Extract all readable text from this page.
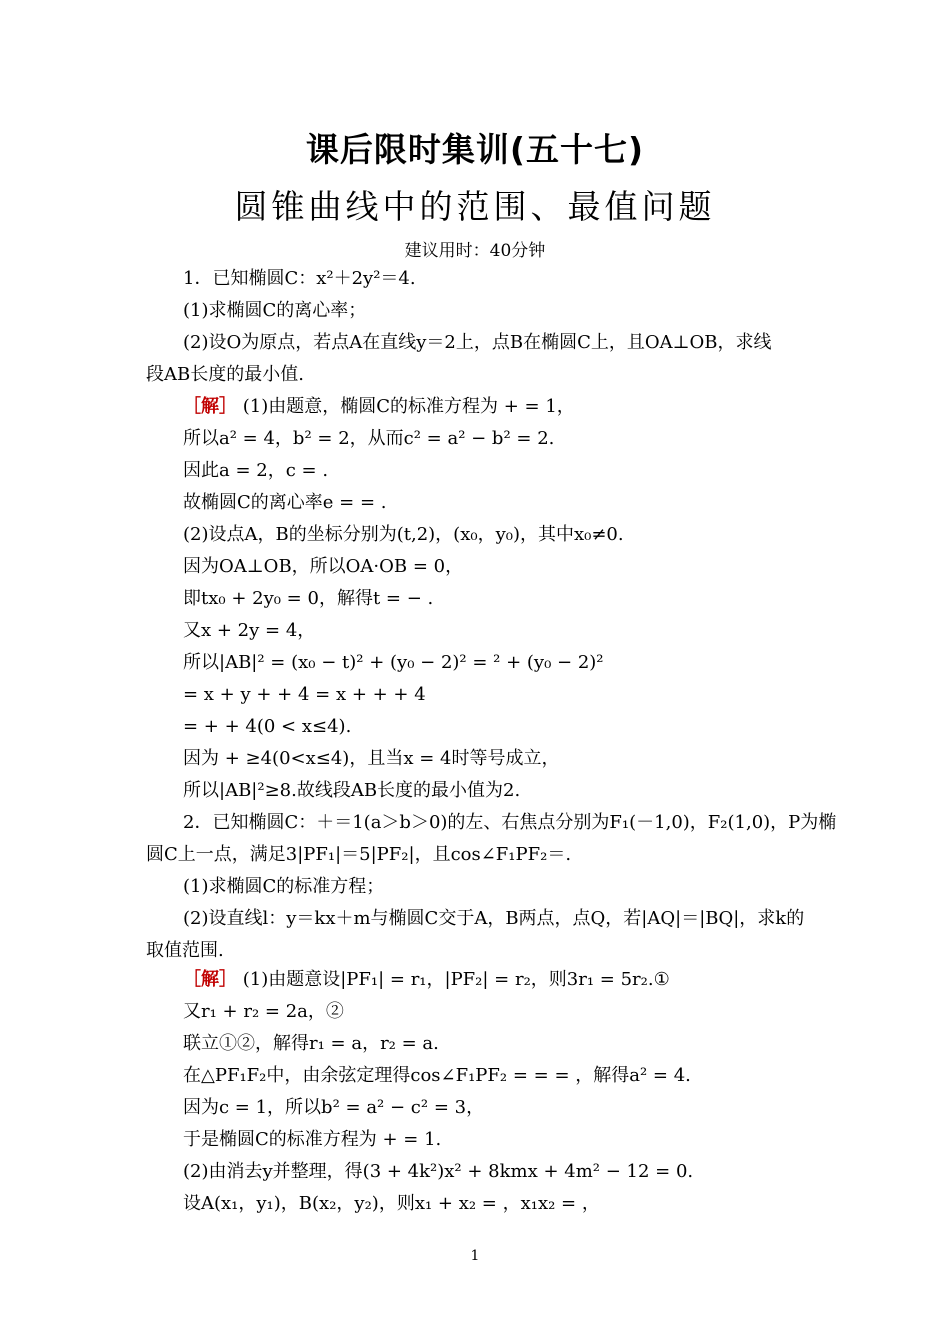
课后限时集训(五十七)
圆锥曲线中的范围、最值问题
建议用时：40分钟
1．已知椭圆C：x²＋2y²＝4.
(1)求椭圆C的离心率；
(2)设O为原点，若点A在直线y＝2上，点B在椭圆C上，且OA⊥OB，求线
段AB长度的最小值.
［解］ (1)由题意，椭圆C的标准方程为 + = 1，
所以a² = 4，b² = 2，从而c² = a² − b² = 2.
因此a = 2，c = .
故椭圆C的离心率e = = .
(2)设点A，B的坐标分别为(t,2)，(x₀，y₀)，其中x₀≠0.
因为OA⊥OB，所以OA·OB = 0，
即tx₀ + 2y₀ = 0，解得t = − .
又x + 2y = 4，
所以|AB|² = (x₀ − t)² + (y₀ − 2)² = ² + (y₀ − 2)²
= x + y + + 4 = x + + + 4
= + + 4(0 < x≤4).
因为 + ≥4(0<x≤4)，且当x = 4时等号成立，
所以|AB|²≥8.故线段AB长度的最小值为2.
2．已知椭圆C：＋＝1(a＞b＞0)的左、右焦点分别为F₁(－1,0)，F₂(1,0)，P为椭
圆C上一点，满足3|PF₁|＝5|PF₂|，且cos∠F₁PF₂＝.
(1)求椭圆C的标准方程；
(2)设直线l：y＝kx＋m与椭圆C交于A，B两点，点Q，若|AQ|＝|BQ|，求k的
取值范围.
［解］ (1)由题意设|PF₁| = r₁，|PF₂| = r₂，则3r₁ = 5r₂.①
又r₁ + r₂ = 2a，②
联立①②，解得r₁ = a，r₂ = a.
在△PF₁F₂中，由余弦定理得cos∠F₁PF₂ = = = ，解得a² = 4.
因为c = 1，所以b² = a² − c² = 3，
于是椭圆C的标准方程为 + = 1.
(2)由消去y并整理，得(3 + 4k²)x² + 8kmx + 4m² − 12 = 0.
设A(x₁，y₁)，B(x₂，y₂)，则x₁ + x₂ = ，x₁x₂ = ，
1
